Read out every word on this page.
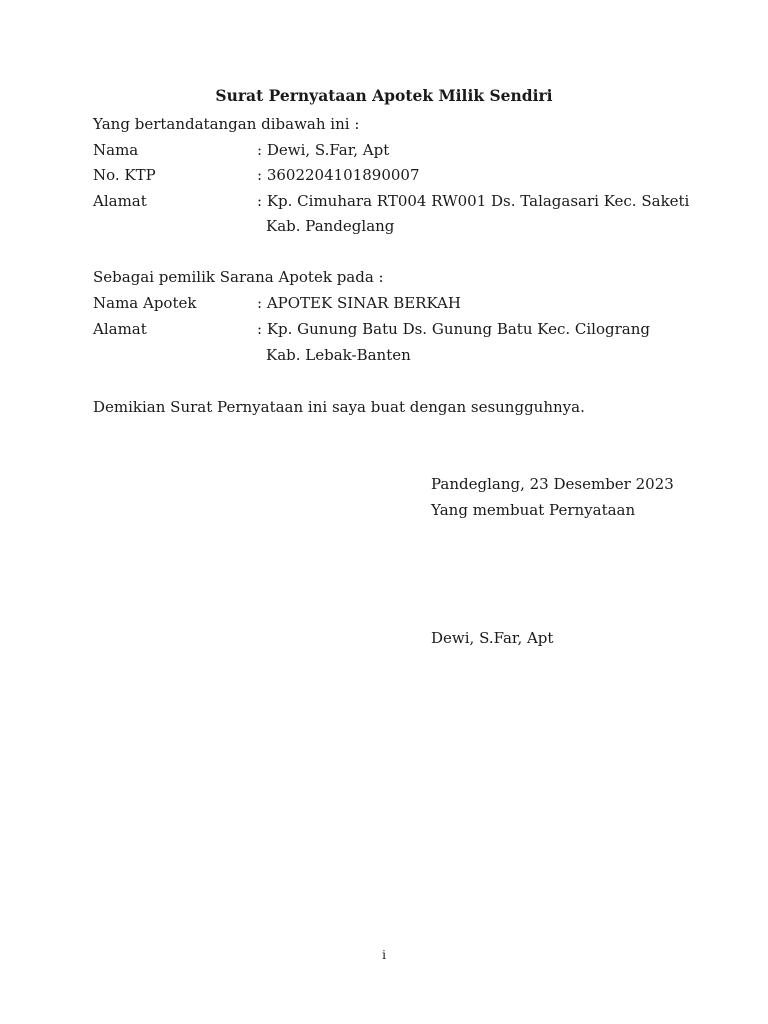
Surat Pernyataan Apotek Milik Sendiri
Yang bertandatangan dibawah ini :
Nama	: Dewi, S.Far, Apt
No. KTP	: 3602204101890007
Alamat	: Kp. Cimuhara RT004 RW001 Ds. Talagasari Kec. Saketi
Kab. Pandeglang
Sebagai pemilik Sarana Apotek pada :
Nama Apotek	: APOTEK SINAR BERKAH
Alamat	: Kp. Gunung Batu Ds. Gunung Batu Kec. Cilograng
Kab. Lebak-Banten
Demikian Surat Pernyataan ini saya buat dengan sesungguhnya.
Pandeglang, 23 Desember 2023
Yang membuat Pernyataan
Dewi, S.Far, Apt
i
